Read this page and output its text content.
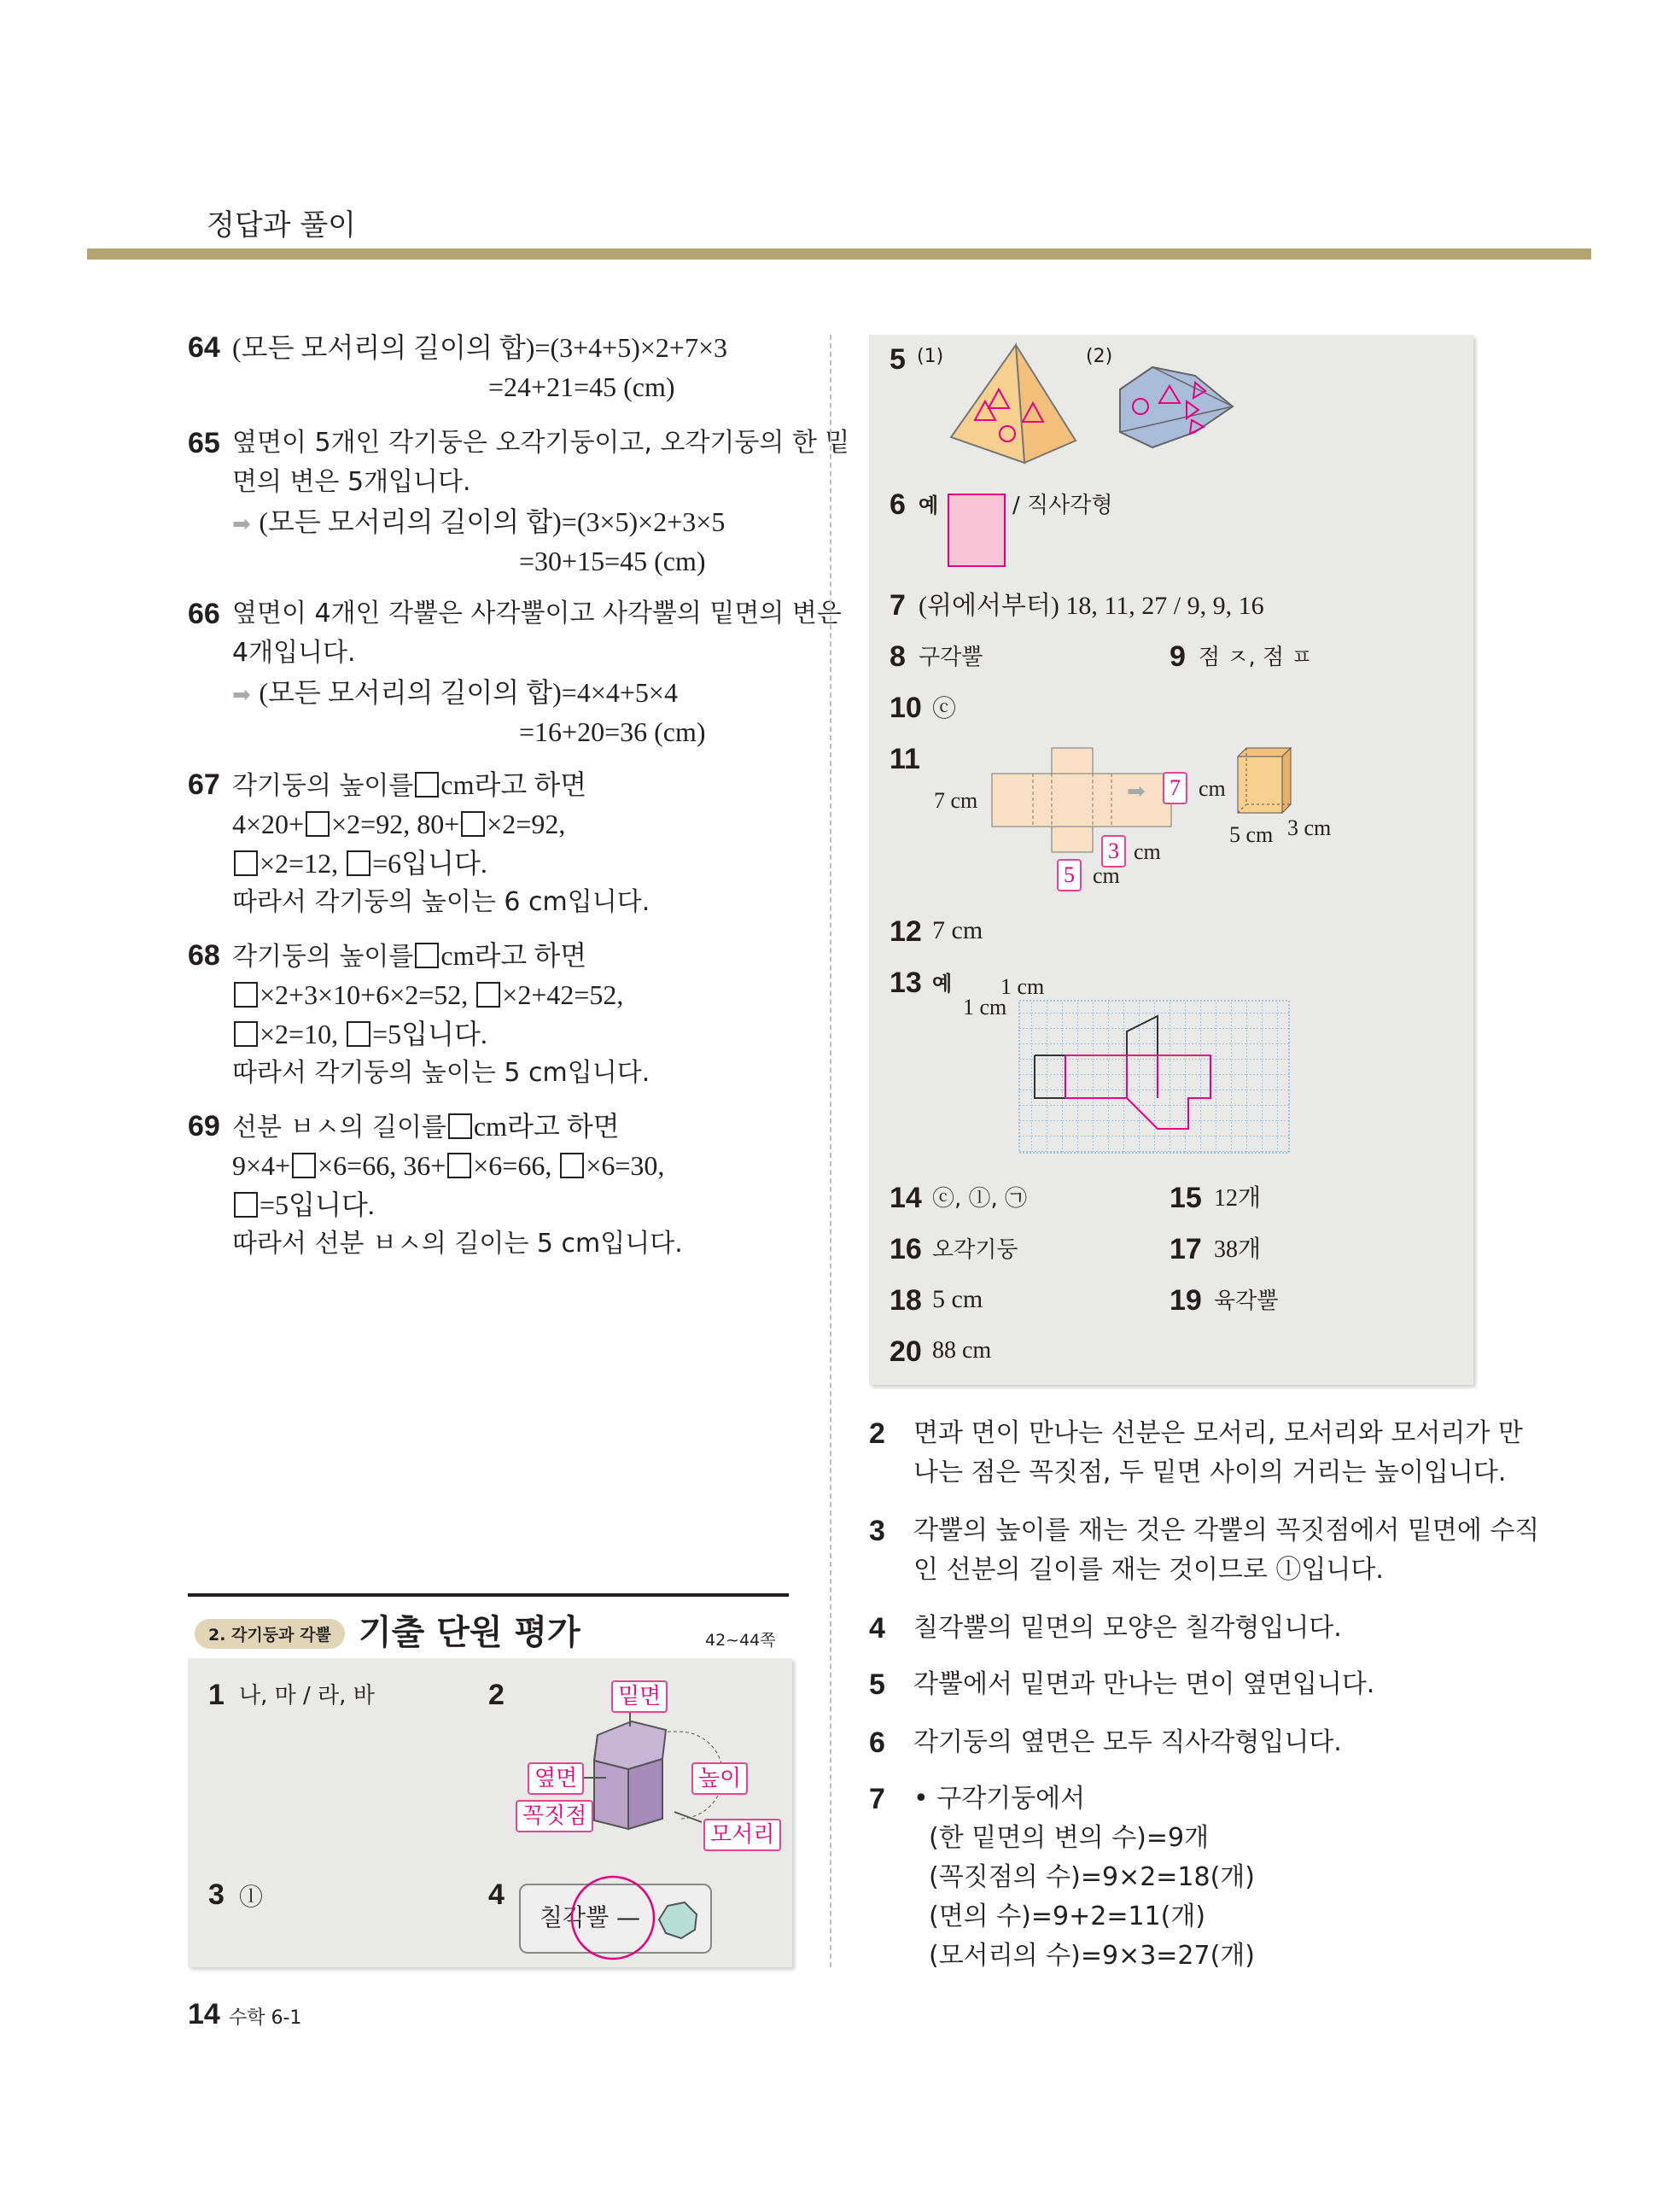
정답과 풀이
64 (모든 모서리의 길이의 합)=(3+4+5)×2+7×3
=24+21=45 (cm)
65 옆면이 5개인 각기둥은 오각기둥이고, 오각기둥의 한 밑
면의 변은 5개입니다.
➡ (모든 모서리의 길이의 합)=(3×5)×2+3×5
=30+15=45 (cm)
66 옆면이 4개인 각뿔은 사각뿔이고 사각뿔의 밑면의 변은
4개입니다.
➡ (모든 모서리의 길이의 합)=4×4+5×4
=16+20=36 (cm)
67 각기둥의 높이를 cm라고 하면
4×20+ ×2=92, 80+ ×2=92,
×2=12, =6입니다.
따라서 각기둥의 높이는 6 cm입니다.
68 각기둥의 높이를 cm라고 하면
×2+3×10+6×2=52, ×2+42=52,
×2=10, =5입니다.
따라서 각기둥의 높이는 5 cm입니다.
69 선분 ㅂㅅ의 길이를 cm라고 하면
9×4+ ×6=66, 36+ ×6=66, ×6=30,
=5입니다.
따라서 선분 ㅂㅅ의 길이는 5 cm입니다.
2. 각기둥과 각뿔 기출 단원 평가	42~44쪽
1 나, 마 / 라, 바	2	밑면
옆면
꼭짓점
높이
모서리
3 ⓛ	4
칠각뿔 —
14 수학 6-1
5 (1)	(2)
6 예	/ 직사각형
7 (위에서부터) 18, 11, 27 / 9, 9, 16
8 구각뿔	9 점 ㅈ, 점 ㅍ
10 ⓒ
11
7 cm	➡	7 cm
3 cm
5 cm
5 cm 3 cm
12 7 cm
13 예 1 cm
1 cm
14 ⓒ, ⓛ, ㉠	15 12개
16 오각기둥	17 38개
18 5 cm	19 육각뿔
20 88 cm
2 면과 면이 만나는 선분은 모서리, 모서리와 모서리가 만
나는 점은 꼭짓점, 두 밑면 사이의 거리는 높이입니다.
3 각뿔의 높이를 재는 것은 각뿔의 꼭짓점에서 밑면에 수직
인 선분의 길이를 재는 것이므로 ⓛ입니다.
4 칠각뿔의 밑면의 모양은 칠각형입니다.
5 각뿔에서 밑면과 만나는 면이 옆면입니다.
6 각기둥의 옆면은 모두 직사각형입니다.
7 • 구각기둥에서
(한 밑면의 변의 수)=9개
(꼭짓점의 수)=9×2=18(개)
(면의 수)=9+2=11(개)
(모서리의 수)=9×3=27(개)
